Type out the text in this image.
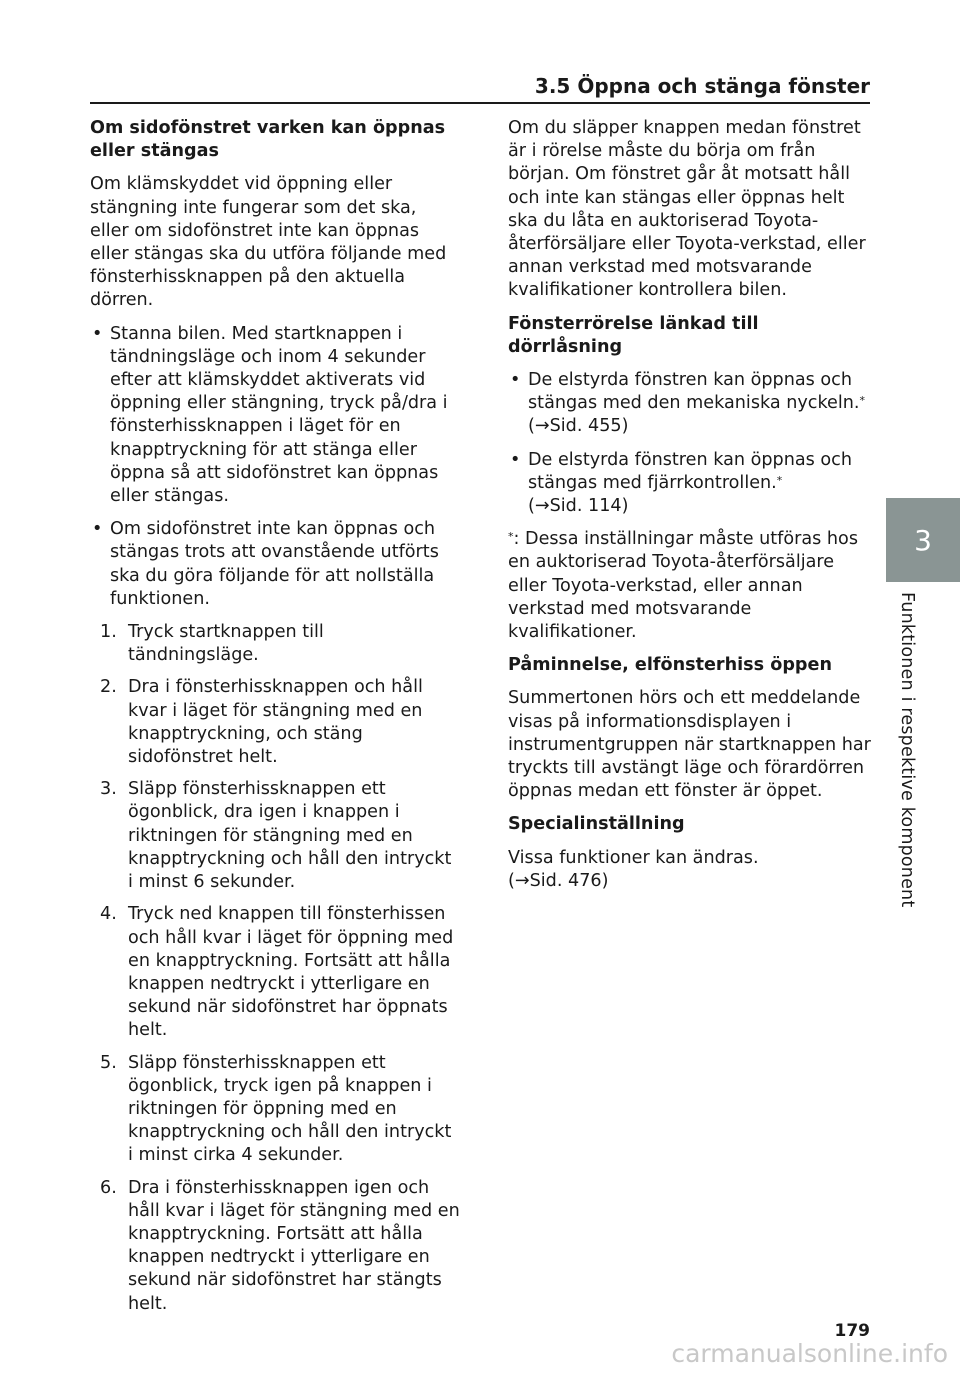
3.5 Öppna och stänga fönster

Om sidofönstret varken kan öppnas eller stängas

Om klämskyddet vid öppning eller stängning inte fungerar som det ska, eller om sidofönstret inte kan öppnas eller stängas ska du utföra följande med fönsterhissknappen på den aktuella dörren.

• Stanna bilen. Med startknappen i tändningsläge och inom 4 sekunder efter att klämskyddet aktiverats vid öppning eller stängning, tryck på/dra i fönsterhissknappen i läget för en knapptryckning för att stänga eller öppna så att sidofönstret kan öppnas eller stängas.
• Om sidofönstret inte kan öppnas och stängas trots att ovanstående utförts ska du göra följande för att nollställa funktionen.
1. Tryck startknappen till tändningsläge.
2. Dra i fönsterhissknappen och håll kvar i läget för stängning med en knapptryckning, och stäng sidofönstret helt.
3. Släpp fönsterhissknappen ett ögonblick, dra igen i knappen i riktningen för stängning med en knapptryckning och håll den intryckt i minst 6 sekunder.
4. Tryck ned knappen till fönsterhissen och håll kvar i läget för öppning med en knapptryckning. Fortsätt att hålla knappen nedtryckt i ytterligare en sekund när sidofönstret har öppnats helt.
5. Släpp fönsterhissknappen ett ögonblick, tryck igen på knappen i riktningen för öppning med en knapptryckning och håll den intryckt i minst cirka 4 sekunder.
6. Dra i fönsterhissknappen igen och håll kvar i läget för stängning med en knapptryckning. Fortsätt att hålla knappen nedtryckt i ytterligare en sekund när sidofönstret har stängts helt.

Om du släpper knappen medan fönstret är i rörelse måste du börja om från början. Om fönstret går åt motsatt håll och inte kan stängas eller öppnas helt ska du låta en auktoriserad Toyota-återförsäljare eller Toyota-verkstad, eller annan verkstad med motsvarande kvalifikationer kontrollera bilen.

Fönsterrörelse länkad till dörrlåsning

• De elstyrda fönstren kan öppnas och stängas med den mekaniska nyckeln.*
(→Sid. 455)
• De elstyrda fönstren kan öppnas och stängas med fjärrkontrollen.*
(→Sid. 114)

*: Dessa inställningar måste utföras hos en auktoriserad Toyota-återförsäljare eller Toyota-verkstad, eller annan verkstad med motsvarande kvalifikationer.

Påminnelse, elfönsterhiss öppen

Summertonen hörs och ett meddelande visas på informationsdisplayen i instrumentgruppen när startknappen har tryckts till avstängt läge och förardörren öppnas medan ett fönster är öppet.

Specialinställning

Vissa funktioner kan ändras.
(→Sid. 476)

3
Funktionen i respektive komponent
179
carmanualsonline.info
